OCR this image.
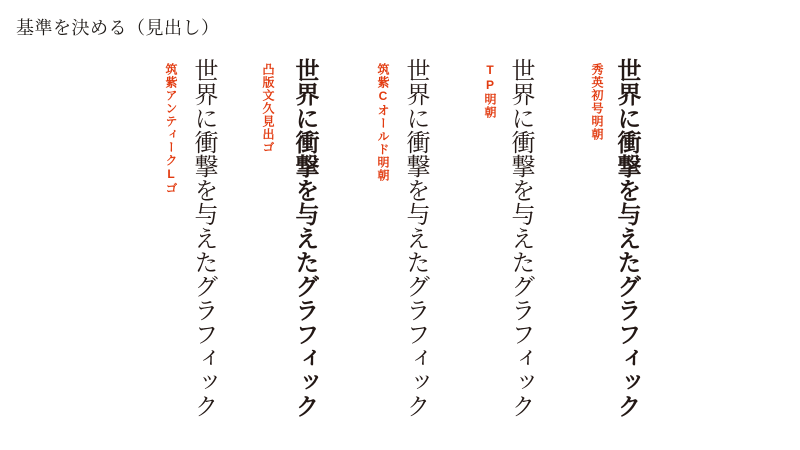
基準を決める（見出し）
秀英初号明朝 世界に衝撃を与えたグラフィック
TP明朝 世界に衝撃を与えたグラフィック
筑紫Cオールド明朝 世界に衝撃を与えたグラフィック
凸版文久見出ゴ 世界に衝撃を与えたグラフィック
筑紫アンティークLゴ 世界に衝撃を与えたグラフィック
